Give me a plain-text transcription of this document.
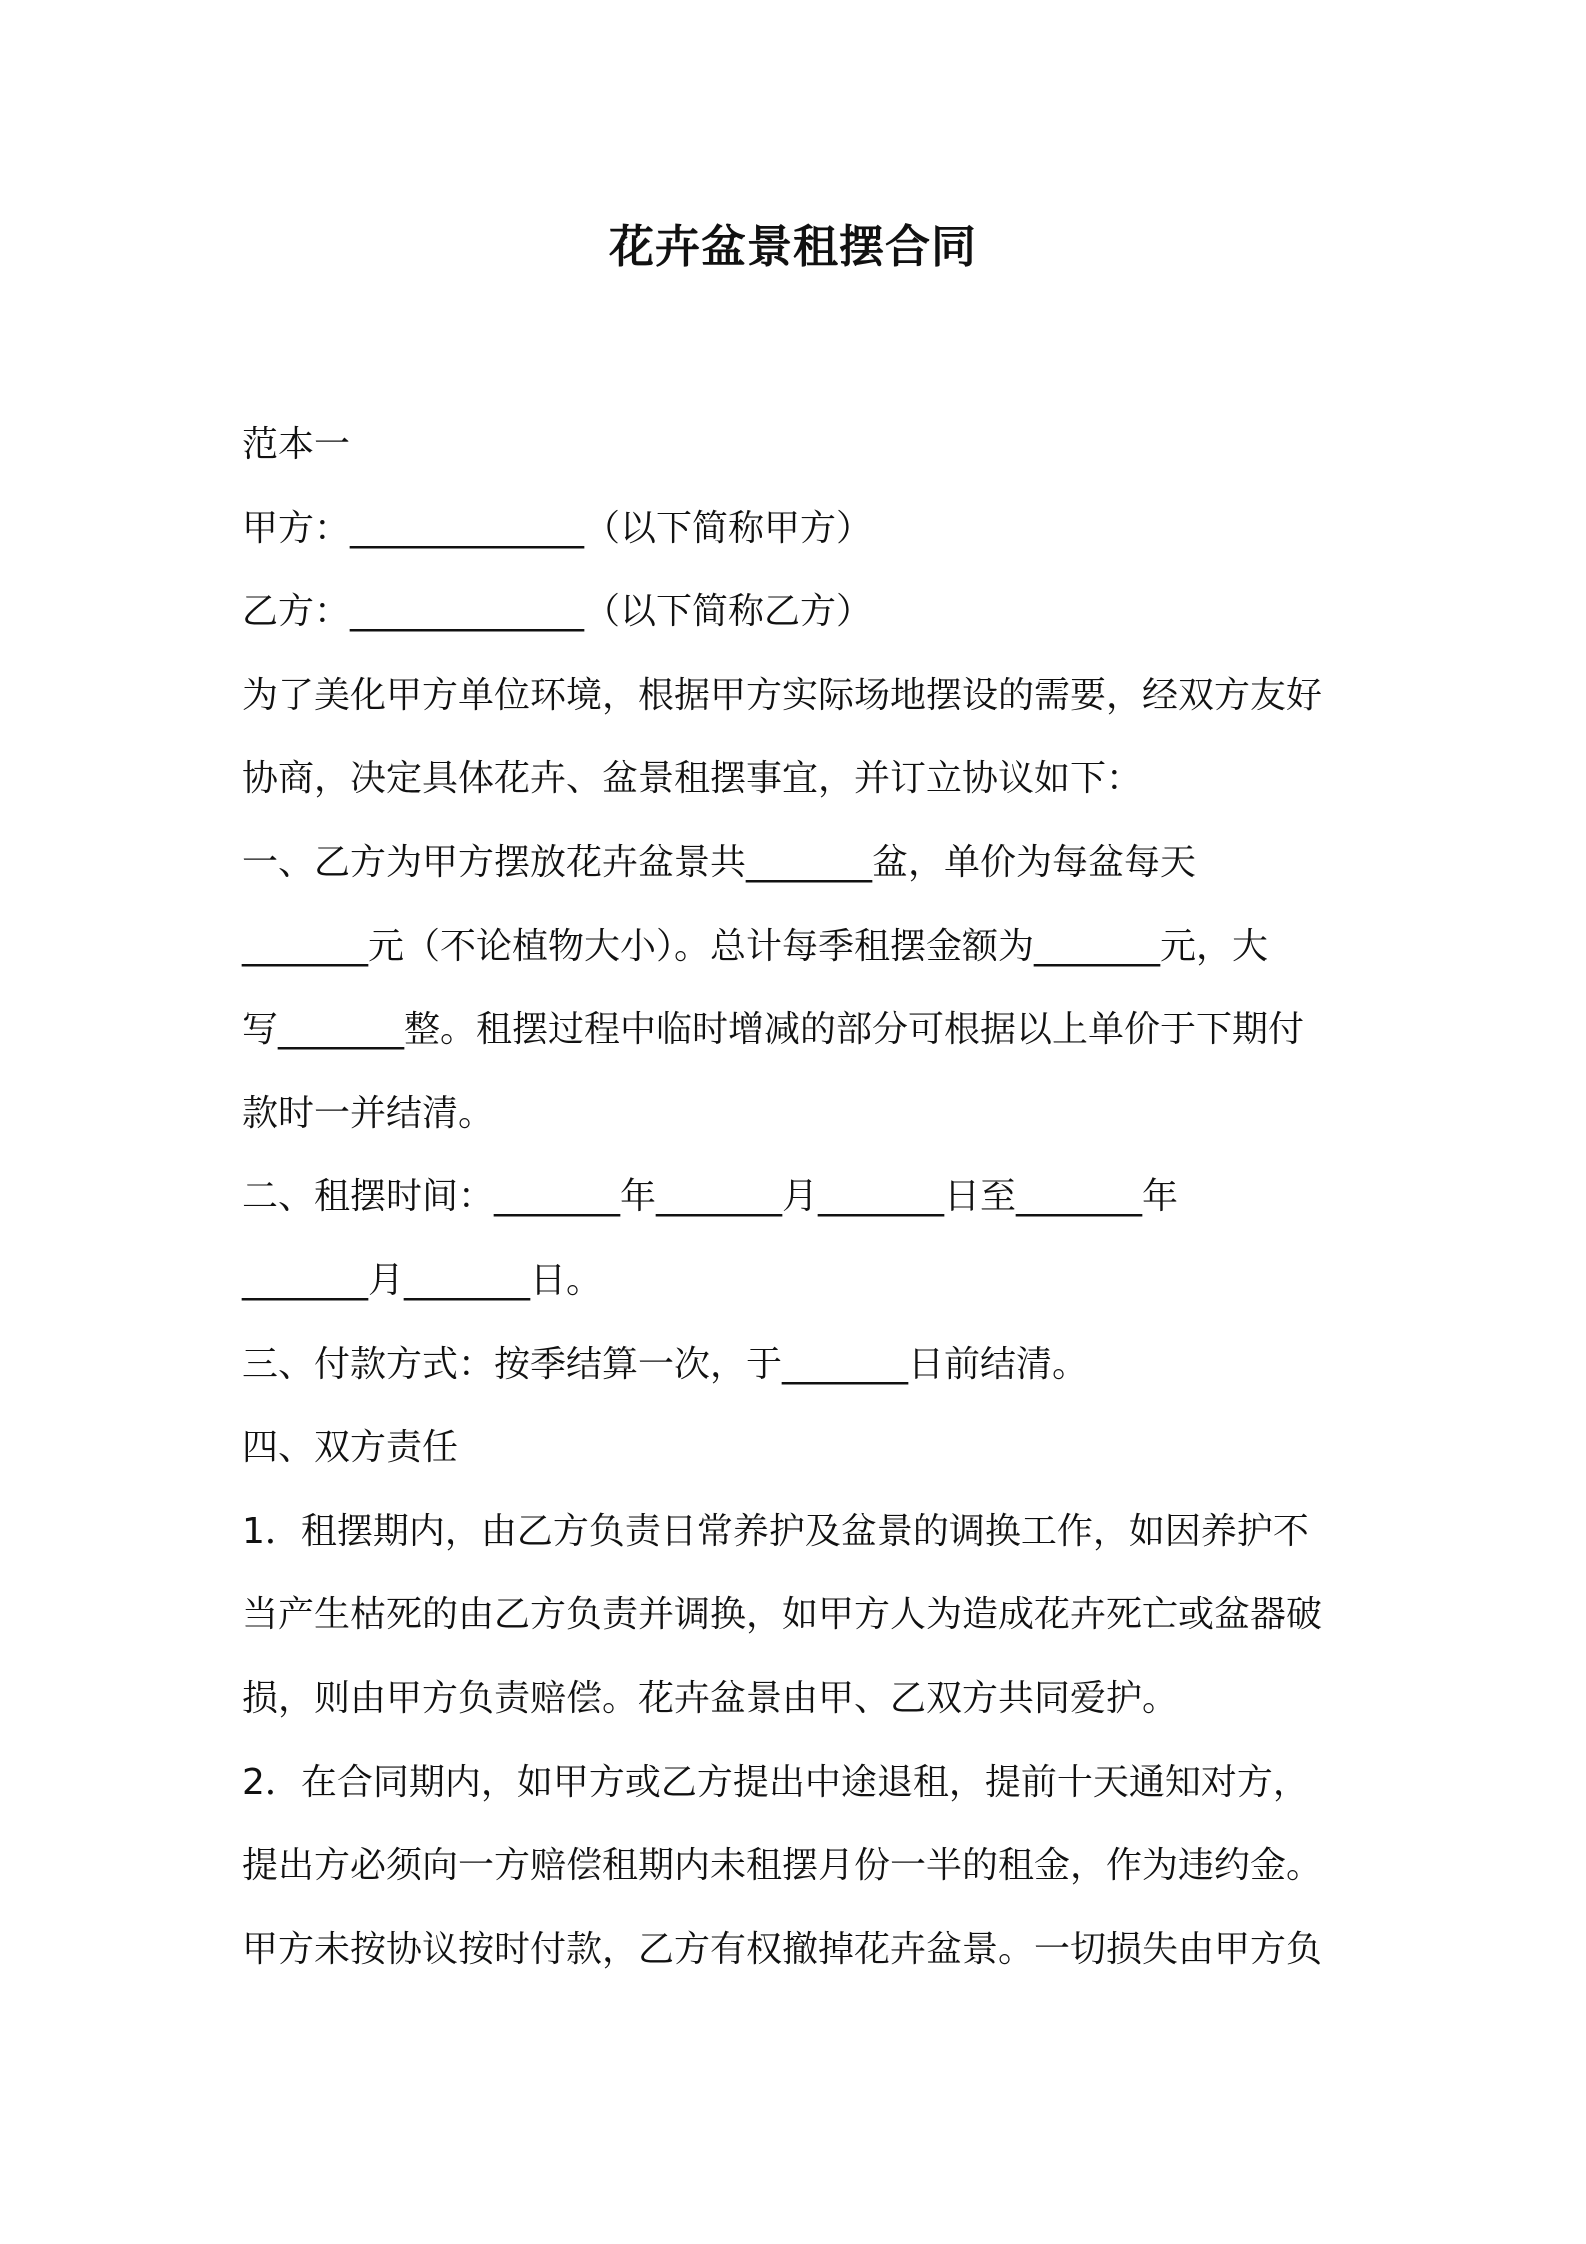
花卉盆景租摆合同
范本一
甲方：_____________（以下简称甲方）
乙方：_____________（以下简称乙方）
为了美化甲方单位环境，根据甲方实际场地摆设的需要，经双方友好
协商，决定具体花卉、盆景租摆事宜，并订立协议如下：
一、乙方为甲方摆放花卉盆景共_______盆，单价为每盆每天
_______元（不论植物大小）。总计每季租摆金额为_______元，大
写_______整。租摆过程中临时增减的部分可根据以上单价于下期付
款时一并结清。
二、租摆时间：_______年_______月_______日至_______年
_______月_______日。
三、付款方式：按季结算一次，于_______日前结清。
四、双方责任
1．租摆期内，由乙方负责日常养护及盆景的调换工作，如因养护不
当产生枯死的由乙方负责并调换，如甲方人为造成花卉死亡或盆器破
损，则由甲方负责赔偿。花卉盆景由甲、乙双方共同爱护。
2．在合同期内，如甲方或乙方提出中途退租，提前十天通知对方，
提出方必须向一方赔偿租期内未租摆月份一半的租金，作为违约金。
甲方未按协议按时付款，乙方有权撤掉花卉盆景。一切损失由甲方负
